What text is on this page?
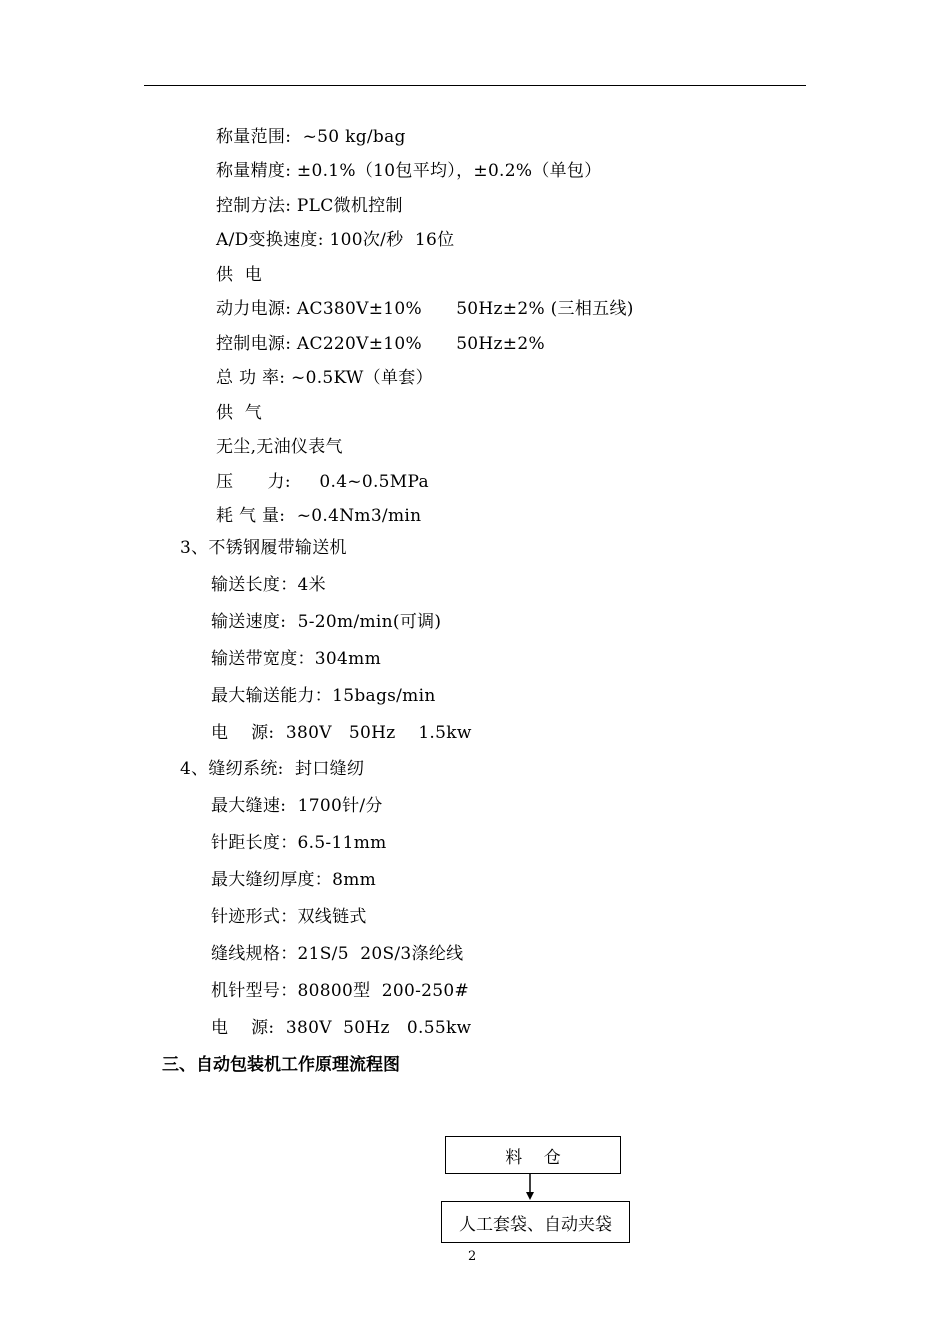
称量范围:  ~50 kg/bag
称量精度: ±0.1%（10包平均），±0.2%（单包）
控制方法: PLC微机控制
A/D变换速度: 100次/秒  16位
供  电
动力电源: AC380V±10%      50Hz±2% (三相五线)
控制电源: AC220V±10%      50Hz±2%
总 功 率: ~0.5KW（单套）
供  气
无尘,无油仪表气
压      力:     0.4~0.5MPa
耗 气 量:  ~0.4Nm3/min
3、不锈钢履带输送机
输送长度：4米
输送速度:  5-20m/min(可调)
输送带宽度：304mm
最大输送能力：15bags/min
电    源:  380V   50Hz    1.5kw
4、缝纫系统:  封口缝纫
最大缝速:  1700针/分
针距长度：6.5-11mm
最大缝纫厚度：8mm
针迹形式：双线链式
缝线规格：21S/5  20S/3涤纶线
机针型号：80800型  200-250#
电    源:  380V  50Hz   0.55kw
三、自动包装机工作原理流程图
料    仓
人工套袋、自动夹袋
2
